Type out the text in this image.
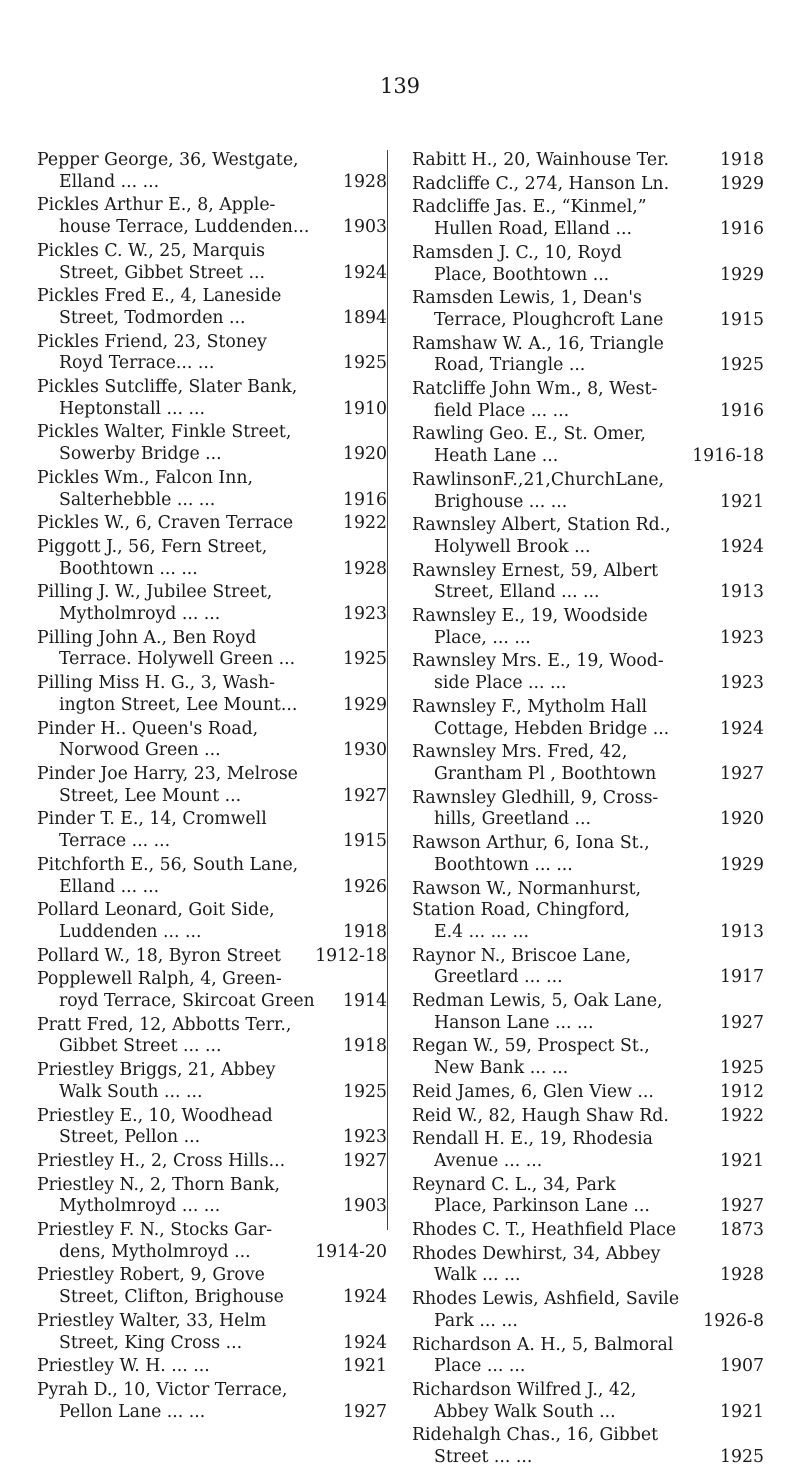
139
Pepper George, 36, Westgate,
Elland ... ...	1928
Pickles Arthur E., 8, Apple-
house Terrace, Luddenden...	1903
Pickles C. W., 25, Marquis
Street, Gibbet Street ...	1924
Pickles Fred E., 4, Laneside
Street, Todmorden ...	1894
Pickles Friend, 23, Stoney
Royd Terrace... ...	1925
Pickles Sutcliffe, Slater Bank,
Heptonstall ... ...	1910
Pickles Walter, Finkle Street,
Sowerby Bridge ...	1920
Pickles Wm., Falcon Inn,
Salterhebble ... ...	1916
Pickles W., 6, Craven Terrace	1922
Piggott J., 56, Fern Street,
Boothtown ... ...	1928
Pilling J. W., Jubilee Street,
Mytholmroyd ... ...	1923
Pilling John A., Ben Royd
Terrace. Holywell Green ...	1925
Pilling Miss H. G., 3, Wash-
ington Street, Lee Mount...	1929
Pinder H.. Queen's Road,
Norwood Green ...	1930
Pinder Joe Harry, 23, Melrose
Street, Lee Mount ...	1927
Pinder T. E., 14, Cromwell
Terrace ... ...	1915
Pitchforth E., 56, South Lane,
Elland ... ...	1926
Pollard Leonard, Goit Side,
Luddenden ... ...	1918
Pollard W., 18, Byron Street	1912-18
Popplewell Ralph, 4, Green-
royd Terrace, Skircoat Green	1914
Pratt Fred, 12, Abbotts Terr.,
Gibbet Street ... ...	1918
Priestley Briggs, 21, Abbey
Walk South ... ...	1925
Priestley E., 10, Woodhead
Street, Pellon ...	1923
Priestley H., 2, Cross Hills...	1927
Priestley N., 2, Thorn Bank,
Mytholmroyd ... ...	1903
Priestley F. N., Stocks Gar-
dens, Mytholmroyd ...	1914-20
Priestley Robert, 9, Grove
Street, Clifton, Brighouse	1924
Priestley Walter, 33, Helm
Street, King Cross ...	1924
Priestley W. H. ... ...	1921
Pyrah D., 10, Victor Terrace,
Pellon Lane ... ...	1927
Rabitt H., 20, Wainhouse Ter.	1918
Radcliffe C., 274, Hanson Ln.	1929
Radcliffe Jas. E., “Kinmel,”
Hullen Road, Elland ...	1916
Ramsden J. C., 10, Royd
Place, Boothtown ...	1929
Ramsden Lewis, 1, Dean's
Terrace, Ploughcroft Lane	1915
Ramshaw W. A., 16, Triangle
Road, Triangle ...	1925
Ratcliffe John Wm., 8, West-
field Place ... ...	1916
Rawling Geo. E., St. Omer,
Heath Lane ...	1916-18
RawlinsonF.,21,ChurchLane,
Brighouse ... ...	1921
Rawnsley Albert, Station Rd.,
Holywell Brook ...	1924
Rawnsley Ernest, 59, Albert
Street, Elland ... ...	1913
Rawnsley E., 19, Woodside
Place, ... ...	1923
Rawnsley Mrs. E., 19, Wood-
side Place ... ...	1923
Rawnsley F., Mytholm Hall
Cottage, Hebden Bridge ...	1924
Rawnsley Mrs. Fred, 42,
Grantham Pl , Boothtown	1927
Rawnsley Gledhill, 9, Cross-
hills, Greetland ...	1920
Rawson Arthur, 6, Iona St.,
Boothtown ... ...	1929
Rawson W., Normanhurst,
Station Road, Chingford,
E.4 ... ... ...	1913
Raynor N., Briscoe Lane,
Greetlard ... ...	1917
Redman Lewis, 5, Oak Lane,
Hanson Lane ... ...	1927
Regan W., 59, Prospect St.,
New Bank ... ...	1925
Reid James, 6, Glen View ...	1912
Reid W., 82, Haugh Shaw Rd.	1922
Rendall H. E., 19, Rhodesia
Avenue ... ...	1921
Reynard C. L., 34, Park
Place, Parkinson Lane ...	1927
Rhodes C. T., Heathfield Place	1873
Rhodes Dewhirst, 34, Abbey
Walk ... ...	1928
Rhodes Lewis, Ashfield, Savile
Park ... ...	1926-8
Richardson A. H., 5, Balmoral
Place ... ...	1907
Richardson Wilfred J., 42,
Abbey Walk South ...	1921
Ridehalgh Chas., 16, Gibbet
Street ... ...	1925
